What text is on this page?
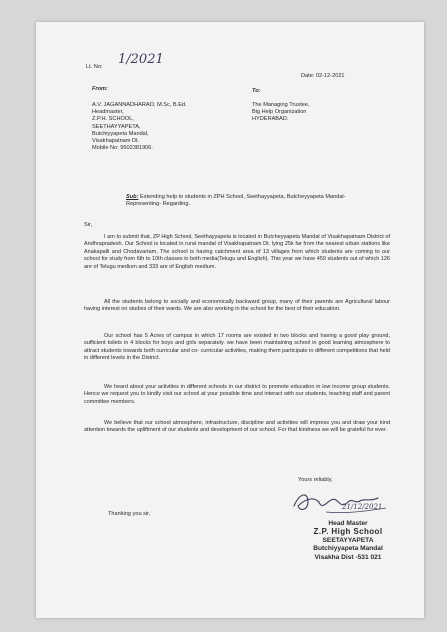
Lt. No: 1/2021
Date: 02-12-2021
From:	To:
A.V. JAGANNADHARAO, M.Sc, B.Ed.
Headmaster,
Z.P.H. SCHOOL,
SEETHAYYAPETA,
Butchiyyapeta Mandal,
Visakhapatnam Dt.
Mobile No: 9502381906.
The Managing Trustee,
Big Help Organization
HYDERABAD.
Sub: Extending help to students in ZPH School, Seethayyapeta, Butcheyyapeta Mandal- Representing- Regarding.
Sir,
I am to submit that, ZP High School, Seethayyapeta is located in Butcheyyapeta Mandal of Visakhapatnam District of Andhrapradesh. Our School is located in rural mandal of Visakhapatnam Dt. lying 25k far from the nearest urban stations like Anakapalli and Chodavartam. The school is having catchment area of 13 villages from which students are coming to our school for study from 6th to 10th classes in both media(Telugu and English). This year we have 459 students out of which 126 are of Telugu medium and 333 are of English medium.
All the students belong to socially and economically backward group, many of their parents are Agricultural labour having interest on studies of their wards. We are also working in the school for the best of their education.
Our school has 5 Acres of campus in which 17 rooms are existed in two blocks and having a good play ground, sufficient toilets in 4 blocks for boys and girls separately. we have been maintaining school in good learning atmosphere to attract students towards both curricular and co- curricular activities, making them participate in different competitions that held in different levels in the District.
We heard about your activities in different schools in our district to promote education in low income group students. Hence we request you to kindly visit our school at your possible time and interact with our students, teaching staff and parent committee members.
We believe that our school atmosphere, infrastructure, discipline and activities will impress you and draw your kind attention towards the upliftment of our students and development of our school. For that kindness we will be grateful for ever.
Thanking you sir,
Yours reliably,
21/12/2021
Head Master
Z.P. High School
SEETAYYAPETA
Butchiyyapeta Mandal
Visakha Dist -531 021
